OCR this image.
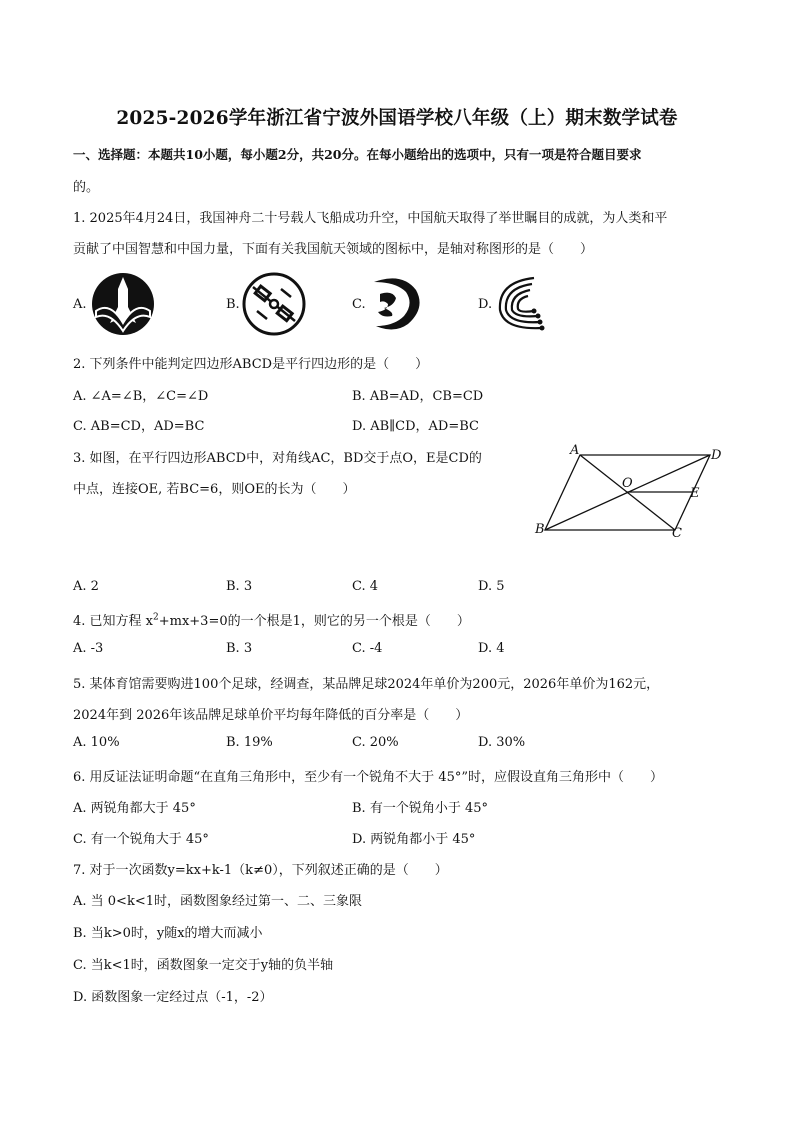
2025-2026学年浙江省宁波外国语学校八年级（上）期末数学试卷
一、选择题：本题共10小题，每小题2分，共20分。在每小题给出的选项中，只有一项是符合题目要求
的。
1. 2025年4月24日，我国神舟二十号载人飞船成功升空，中国航天取得了举世瞩目的成就，为人类和平
贡献了中国智慧和中国力量，下面有关我国航天领域的图标中，是轴对称图形的是（　　）
A.	B.	C.	D.
2. 下列条件中能判定四边形ABCD是平行四边形的是（　　）
A. ∠A=∠B，∠C=∠D	B. AB=AD，CB=CD
C. AB=CD，AD=BC	D. AB∥CD，AD=BC
3. 如图，在平行四边形ABCD中，对角线AC，BD交于点O，E是CD的
中点，连接OE, 若BC=6，则OE的长为（　　）
A	D
O
E
B	C
A. 2	B. 3	C. 4	D. 5
4. 已知方程 $x^2+mx+3=0$的一个根是1，则它的另一个根是（　　）
A. -3	B. 3	C. -4	D. 4
5. 某体育馆需要购进100个足球，经调查，某品牌足球2024年单价为200元，2026年单价为162元，
2024年到 2026年该品牌足球单价平均每年降低的百分率是（　　）
A. 10%	B. 19%	C. 20%	D. 30%
6. 用反证法证明命题“在直角三角形中，至少有一个锐角不大于 45°”时，应假设直角三角形中（　　）
A. 两锐角都大于 45°	B. 有一个锐角小于 45°
C. 有一个锐角大于 45°	D. 两锐角都小于 45°
7. 对于一次函数y=kx+k-1（k≠0），下列叙述正确的是（　　）
A. 当 0<k<1时，函数图象经过第一、二、三象限
B. 当k>0时，y随x的增大而减小
C. 当k<1时，函数图象一定交于y轴的负半轴
D. 函数图象一定经过点（-1，-2）
